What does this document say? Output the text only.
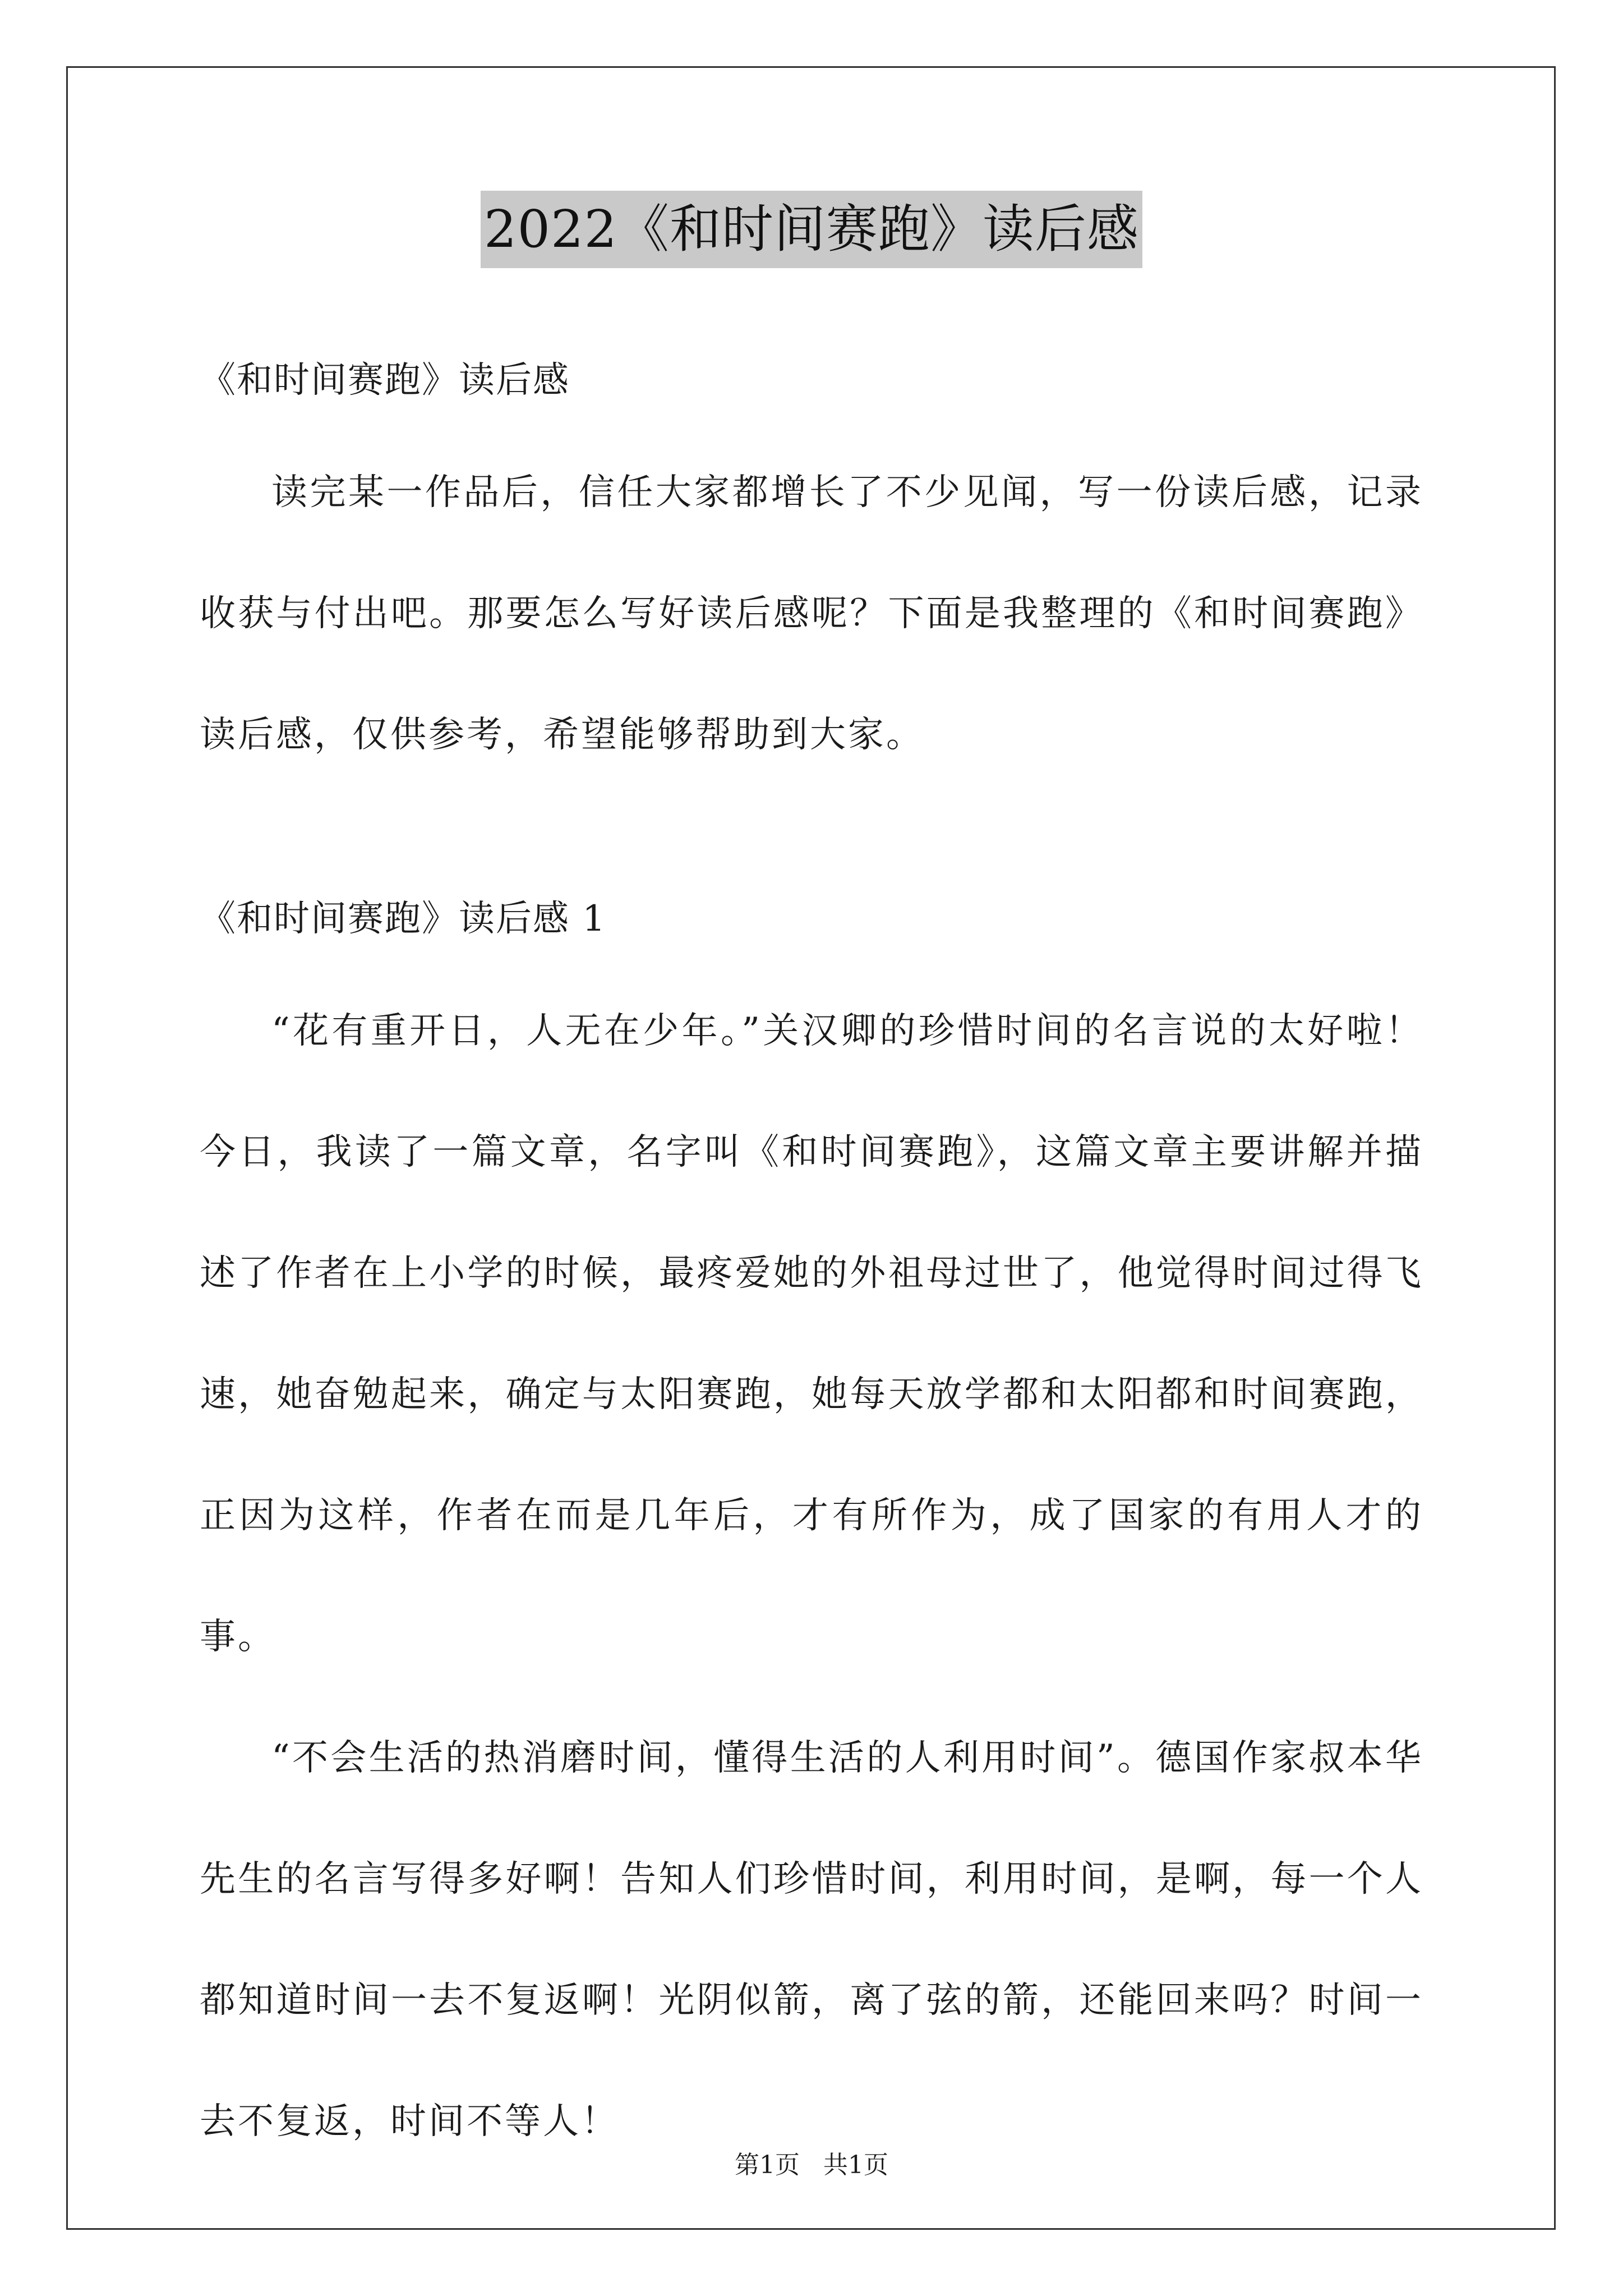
2022《和时间赛跑》读后感
《和时间赛跑》读后感

读完某一作品后，信任大家都增长了不少见闻，写一份读后感，记录收获与付出吧。那要怎么写好读后感呢？下面是我整理的《和时间赛跑》读后感，仅供参考，希望能够帮助到大家。

《和时间赛跑》读后感 1

“花有重开日，人无在少年。”关汉卿的珍惜时间的名言说的太好啦！今日，我读了一篇文章，名字叫《和时间赛跑》，这篇文章主要讲解并描述了作者在上小学的时候，最疼爱她的外祖母过世了，他觉得时间过得飞速，她奋勉起来，确定与太阳赛跑，她每天放学都和太阳都和时间赛跑，正因为这样，作者在而是几年后，才有所作为，成了国家的有用人才的事。

“不会生活的热消磨时间，懂得生活的人利用时间”。德国作家叔本华先生的名言写得多好啊！告知人们珍惜时间，利用时间，是啊，每一个人都知道时间一去不复返啊！光阴似箭，离了弦的箭，还能回来吗？时间一去不复返，时间不等人！

第1页   共1页
